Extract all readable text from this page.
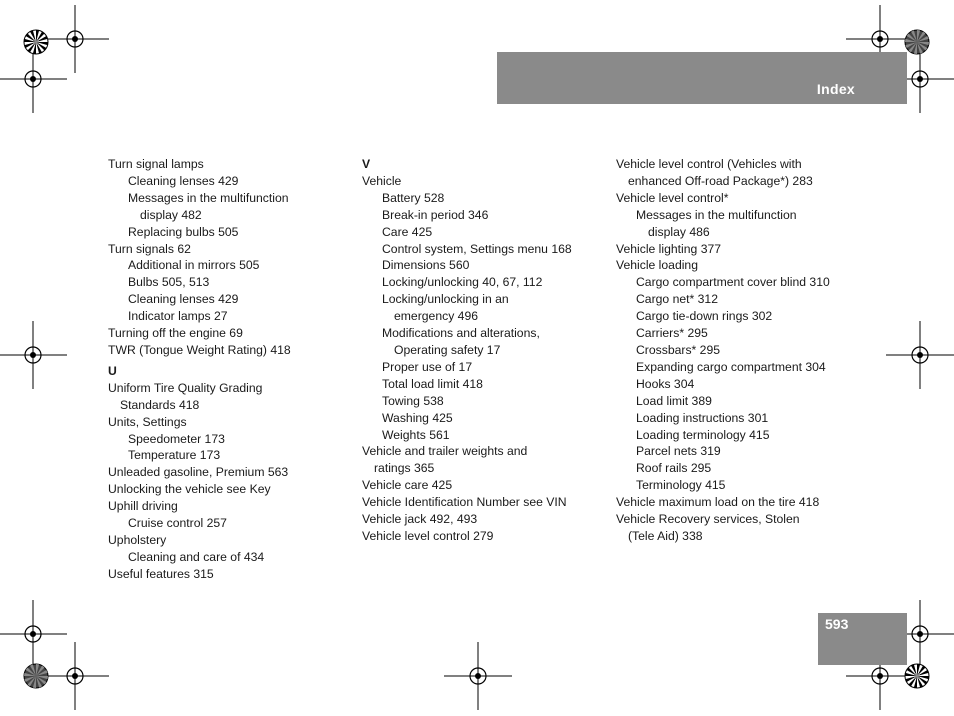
Index
Turn signal lamps
Cleaning lenses 429
Messages in the multifunction
display 482
Replacing bulbs 505
Turn signals 62
Additional in mirrors 505
Bulbs 505, 513
Cleaning lenses 429
Indicator lamps 27
Turning off the engine 69
TWR (Tongue Weight Rating) 418
U
Uniform Tire Quality Grading
Standards 418
Units, Settings
Speedometer 173
Temperature 173
Unleaded gasoline, Premium 563
Unlocking the vehicle see Key
Uphill driving
Cruise control 257
Upholstery
Cleaning and care of 434
Useful features 315
V
Vehicle
Battery 528
Break-in period 346
Care 425
Control system, Settings menu 168
Dimensions 560
Locking/unlocking 40, 67, 112
Locking/unlocking in an
emergency 496
Modifications and alterations,
Operating safety 17
Proper use of 17
Total load limit 418
Towing 538
Washing 425
Weights 561
Vehicle and trailer weights and
ratings 365
Vehicle care 425
Vehicle Identification Number see VIN
Vehicle jack 492, 493
Vehicle level control 279
Vehicle level control (Vehicles with
enhanced Off-road Package*) 283
Vehicle level control*
Messages in the multifunction
display 486
Vehicle lighting 377
Vehicle loading
Cargo compartment cover blind 310
Cargo net* 312
Cargo tie-down rings 302
Carriers* 295
Crossbars* 295
Expanding cargo compartment 304
Hooks 304
Load limit 389
Loading instructions 301
Loading terminology 415
Parcel nets 319
Roof rails 295
Terminology 415
Vehicle maximum load on the tire 418
Vehicle Recovery services, Stolen
(Tele Aid) 338
593
